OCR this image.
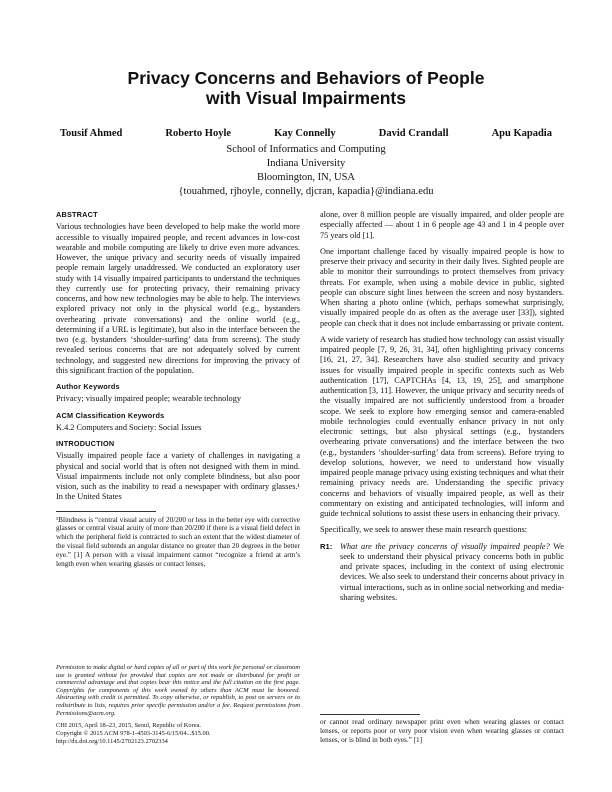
Privacy Concerns and Behaviors of People
with Visual Impairments
Tousif Ahmed	Roberto Hoyle	Kay Connelly	David Crandall	Apu Kapadia
School of Informatics and Computing
Indiana University
Bloomington, IN, USA
{touahmed, rjhoyle, connelly, djcran, kapadia}@indiana.edu
ABSTRACT

Various technologies have been developed to help make the world more accessible to visually impaired people, and recent advances in low-cost wearable and mobile computing are likely to drive even more advances. However, the unique privacy and security needs of visually impaired people remain largely unaddressed. We conducted an exploratory user study with 14 visually impaired participants to understand the techniques they currently use for protecting privacy, their remaining privacy concerns, and how new technologies may be able to help. The interviews explored privacy not only in the physical world (e.g., bystanders overhearing private conversations) and the online world (e.g., determining if a URL is legitimate), but also in the interface between the two (e.g. bystanders ‘shoulder-surfing’ data from screens). The study revealed serious concerns that are not adequately solved by current technology, and suggested new directions for improving the privacy of this significant fraction of the population.

Author Keywords

Privacy; visually impaired people; wearable technology

ACM Classification Keywords

K.4.2 Computers and Society: Social Issues

INTRODUCTION

Visually impaired people face a variety of challenges in navigating a physical and social world that is often not designed with them in mind. Visual impairments include not only complete blindness, but also poor vision, such as the inability to read a newspaper with ordinary glasses.¹ In the United States

¹Blindness is “central visual acuity of 20/200 or less in the better eye with corrective glasses or central visual acuity of more than 20/200 if there is a visual field defect in which the peripheral field is contracted to such an extent that the widest diameter of the visual field subtends an angular distance no greater than 20 degrees in the better eye.” [1] A person with a visual impairment cannot “recognize a friend at arm’s length even when wearing glasses or contact lenses,

Permission to make digital or hard copies of all or part of this work for personal or classroom use is granted without fee provided that copies are not made or distributed for profit or commercial advantage and that copies bear this notice and the full citation on the first page. Copyrights for components of this work owned by others than ACM must be honored. Abstracting with credit is permitted. To copy otherwise, or republish, to post on servers or to redistribute to lists, requires prior specific permission and/or a fee. Request permissions from Permissions@acm.org.
CHI 2015, April 18–23, 2015, Seoul, Republic of Korea.
Copyright © 2015 ACM 978-1-4503-3145-6/15/04...$15.00.
http://dx.doi.org/10.1145/2702123.2702334

alone, over 8 million people are visually impaired, and older people are especially affected — about 1 in 6 people age 43 and 1 in 4 people over 75 years old [1].

One important challenge faced by visually impaired people is how to preserve their privacy and security in their daily lives. Sighted people are able to monitor their surroundings to protect themselves from privacy threats. For example, when using a mobile device in public, sighted people can obscure sight lines between the screen and nosy bystanders. When sharing a photo online (which, perhaps somewhat surprisingly, visually impaired people do as often as the average user [33]), sighted people can check that it does not include embarrassing or private content.

A wide variety of research has studied how technology can assist visually impaired people [7, 9, 26, 31, 34], often highlighting privacy concerns [16, 21, 27, 34]. Researchers have also studied security and privacy issues for visually impaired people in specific contexts such as Web authentication [17], CAPTCHAs [4, 13, 19, 25], and smartphone authentication [3, 11]. However, the unique privacy and security needs of the visually impaired are not sufficiently understood from a broader scope. We seek to explore how emerging sensor and camera-enabled mobile technologies could eventually enhance privacy in not only electronic settings, but also physical settings (e.g., bystanders overhearing private conversations) and the interface between the two (e.g., bystanders ‘shoulder-surfing’ data from screens). Before trying to develop solutions, however, we need to understand how visually impaired people manage privacy using existing techniques and what their remaining privacy needs are. Understanding the specific privacy concerns and behaviors of visually impaired people, as well as their commentary on existing and anticipated technologies, will inform and guide technical solutions to assist these users in enhancing their privacy.

Specifically, we seek to answer these main research questions:

R1: What are the privacy concerns of visually impaired people? We seek to understand their physical privacy concerns both in public and private spaces, including in the context of using electronic devices. We also seek to understand their concerns about privacy in virtual interactions, such as in online social networking and media-sharing websites.
or cannot read ordinary newspaper print even when wearing glasses or contact lenses, or reports poor or very poor vision even when wearing glasses or contact lenses, or is blind in both eyes.” [1]
